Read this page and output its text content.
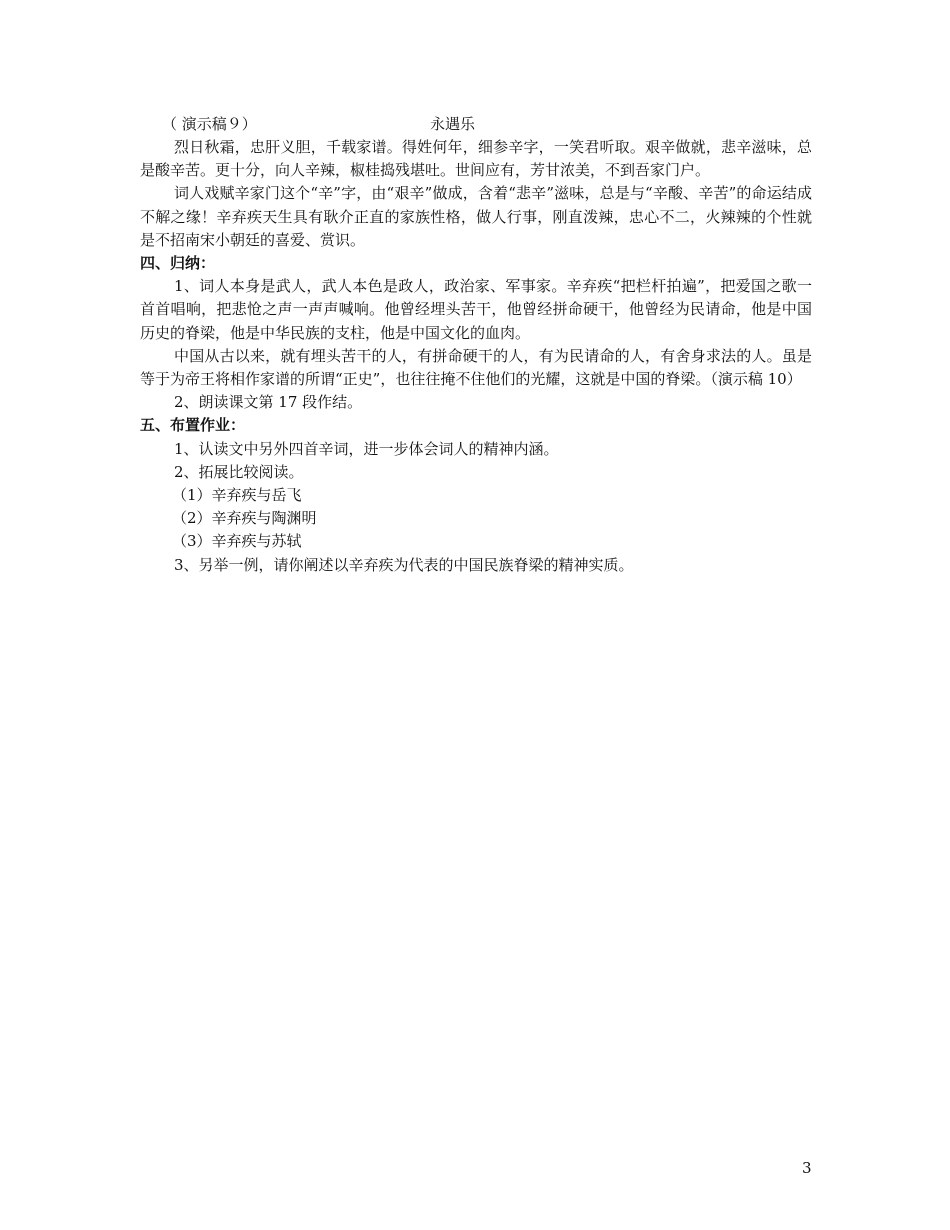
（ 演示稿９）	永遇乐

烈日秋霜，忠肝义胆，千载家谱。得姓何年，细参辛字，一笑君听取。艰辛做就，悲辛滋味，总是酸辛苦。更十分，向人辛辣，椒桂捣残堪吐。世间应有，芳甘浓美，不到吾家门户。

词人戏赋辛家门这个“辛”字，由“艰辛”做成，含着“悲辛”滋味，总是与“辛酸、辛苦”的命运结成不解之缘！辛弃疾天生具有耿介正直的家族性格，做人行事，刚直泼辣，忠心不二，火辣辣的个性就是不招南宋小朝廷的喜爱、赏识。

四、归纳：

1、词人本身是武人，武人本色是政人，政治家、军事家。辛弃疾“把栏杆拍遍”，把爱国之歌一首首唱响，把悲怆之声一声声喊响。他曾经埋头苦干，他曾经拼命硬干，他曾经为民请命，他是中国历史的脊梁，他是中华民族的支柱，他是中国文化的血肉。

中国从古以来，就有埋头苦干的人，有拼命硬干的人，有为民请命的人，有舍身求法的人。虽是等于为帝王将相作家谱的所谓“正史”，也往往掩不住他们的光耀，这就是中国的脊梁。（演示稿 10）

2、朗读课文第 17 段作结。

五、布置作业：

1、认读文中另外四首辛词，进一步体会词人的精神内涵。

2、拓展比较阅读。

（1）辛弃疾与岳飞

（2）辛弃疾与陶渊明

（3）辛弃疾与苏轼

3、另举一例，请你阐述以辛弃疾为代表的中国民族脊梁的精神实质。

3
